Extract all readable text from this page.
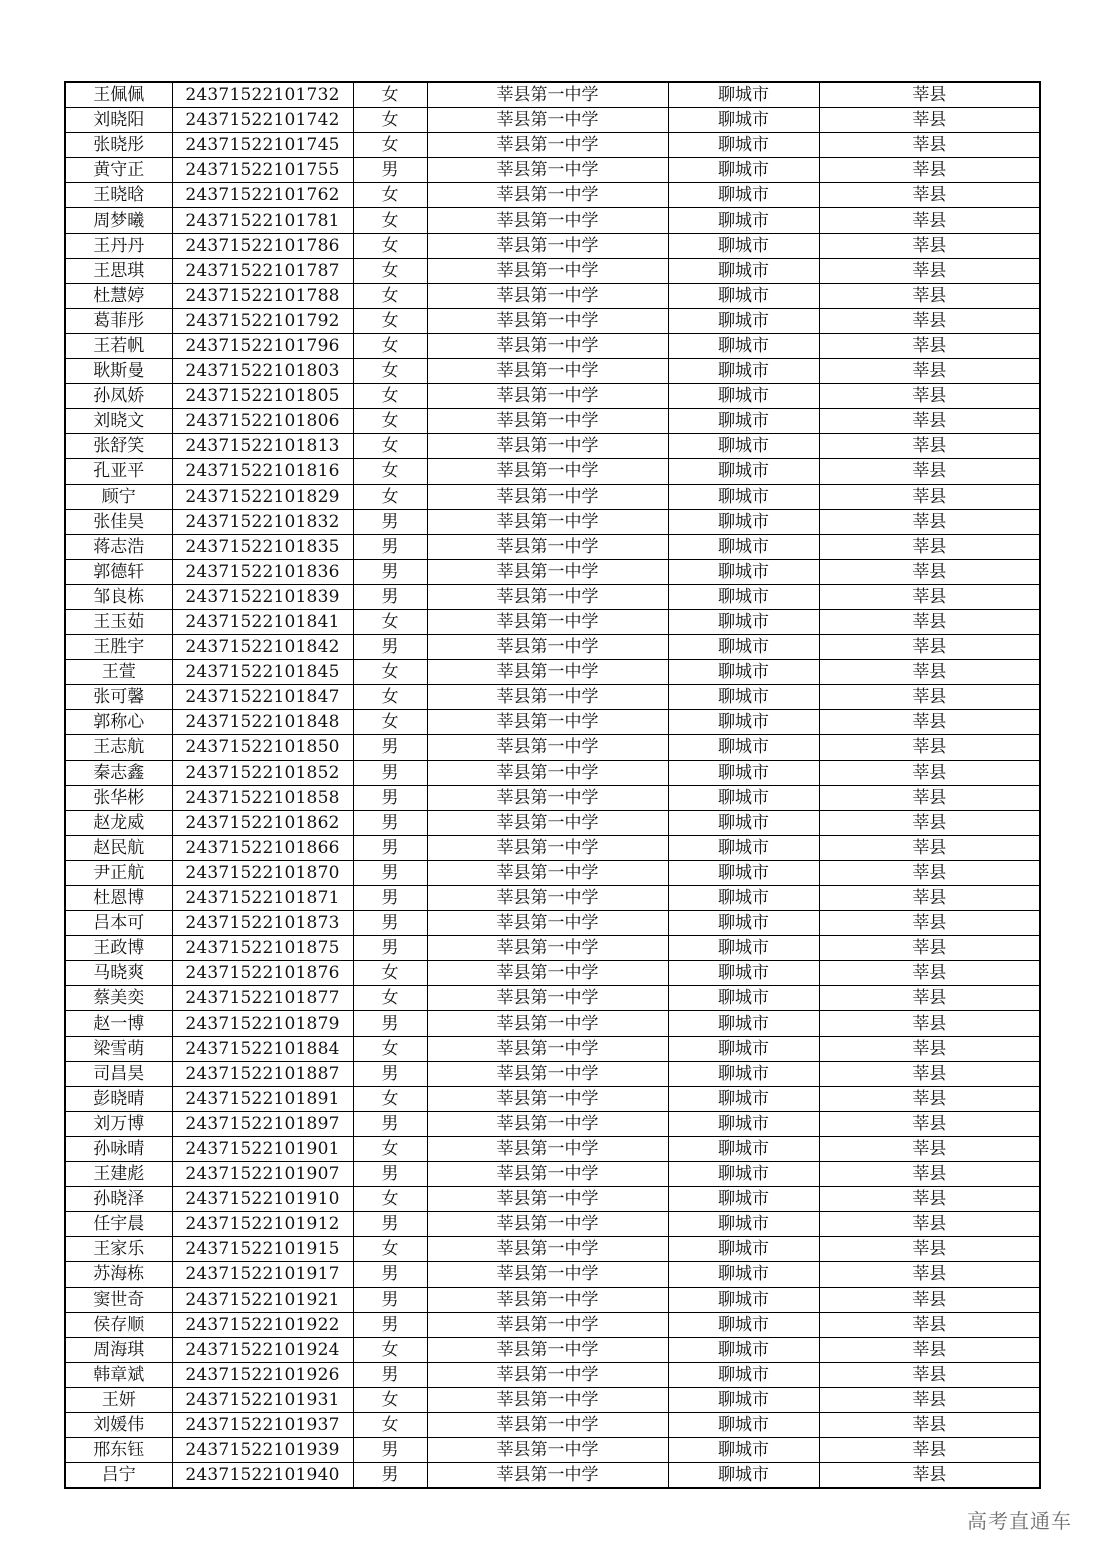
王佩佩	24371522101732	女	莘县第一中学	聊城市	莘县
刘晓阳	24371522101742	女	莘县第一中学	聊城市	莘县
张晓彤	24371522101745	女	莘县第一中学	聊城市	莘县
黄守正	24371522101755	男	莘县第一中学	聊城市	莘县
王晓晗	24371522101762	女	莘县第一中学	聊城市	莘县
周梦曦	24371522101781	女	莘县第一中学	聊城市	莘县
王丹丹	24371522101786	女	莘县第一中学	聊城市	莘县
王思琪	24371522101787	女	莘县第一中学	聊城市	莘县
杜慧婷	24371522101788	女	莘县第一中学	聊城市	莘县
葛菲彤	24371522101792	女	莘县第一中学	聊城市	莘县
王若帆	24371522101796	女	莘县第一中学	聊城市	莘县
耿斯曼	24371522101803	女	莘县第一中学	聊城市	莘县
孙凤娇	24371522101805	女	莘县第一中学	聊城市	莘县
刘晓文	24371522101806	女	莘县第一中学	聊城市	莘县
张舒笑	24371522101813	女	莘县第一中学	聊城市	莘县
孔亚平	24371522101816	女	莘县第一中学	聊城市	莘县
顾宁	24371522101829	女	莘县第一中学	聊城市	莘县
张佳昊	24371522101832	男	莘县第一中学	聊城市	莘县
蒋志浩	24371522101835	男	莘县第一中学	聊城市	莘县
郭德轩	24371522101836	男	莘县第一中学	聊城市	莘县
邹良栋	24371522101839	男	莘县第一中学	聊城市	莘县
王玉茹	24371522101841	女	莘县第一中学	聊城市	莘县
王胜宇	24371522101842	男	莘县第一中学	聊城市	莘县
王萱	24371522101845	女	莘县第一中学	聊城市	莘县
张可馨	24371522101847	女	莘县第一中学	聊城市	莘县
郭称心	24371522101848	女	莘县第一中学	聊城市	莘县
王志航	24371522101850	男	莘县第一中学	聊城市	莘县
秦志鑫	24371522101852	男	莘县第一中学	聊城市	莘县
张华彬	24371522101858	男	莘县第一中学	聊城市	莘县
赵龙威	24371522101862	男	莘县第一中学	聊城市	莘县
赵民航	24371522101866	男	莘县第一中学	聊城市	莘县
尹正航	24371522101870	男	莘县第一中学	聊城市	莘县
杜恩博	24371522101871	男	莘县第一中学	聊城市	莘县
吕本可	24371522101873	男	莘县第一中学	聊城市	莘县
王政博	24371522101875	男	莘县第一中学	聊城市	莘县
马晓爽	24371522101876	女	莘县第一中学	聊城市	莘县
蔡美奕	24371522101877	女	莘县第一中学	聊城市	莘县
赵一博	24371522101879	男	莘县第一中学	聊城市	莘县
梁雪萌	24371522101884	女	莘县第一中学	聊城市	莘县
司昌昊	24371522101887	男	莘县第一中学	聊城市	莘县
彭晓晴	24371522101891	女	莘县第一中学	聊城市	莘县
刘万博	24371522101897	男	莘县第一中学	聊城市	莘县
孙咏晴	24371522101901	女	莘县第一中学	聊城市	莘县
王建彪	24371522101907	男	莘县第一中学	聊城市	莘县
孙晓泽	24371522101910	女	莘县第一中学	聊城市	莘县
任宇晨	24371522101912	男	莘县第一中学	聊城市	莘县
王家乐	24371522101915	女	莘县第一中学	聊城市	莘县
苏海栋	24371522101917	男	莘县第一中学	聊城市	莘县
窦世奇	24371522101921	男	莘县第一中学	聊城市	莘县
侯存顺	24371522101922	男	莘县第一中学	聊城市	莘县
周海琪	24371522101924	女	莘县第一中学	聊城市	莘县
韩章斌	24371522101926	男	莘县第一中学	聊城市	莘县
王妍	24371522101931	女	莘县第一中学	聊城市	莘县
刘媛伟	24371522101937	女	莘县第一中学	聊城市	莘县
邢东钰	24371522101939	男	莘县第一中学	聊城市	莘县
吕宁	24371522101940	男	莘县第一中学	聊城市	莘县
高考直通车
